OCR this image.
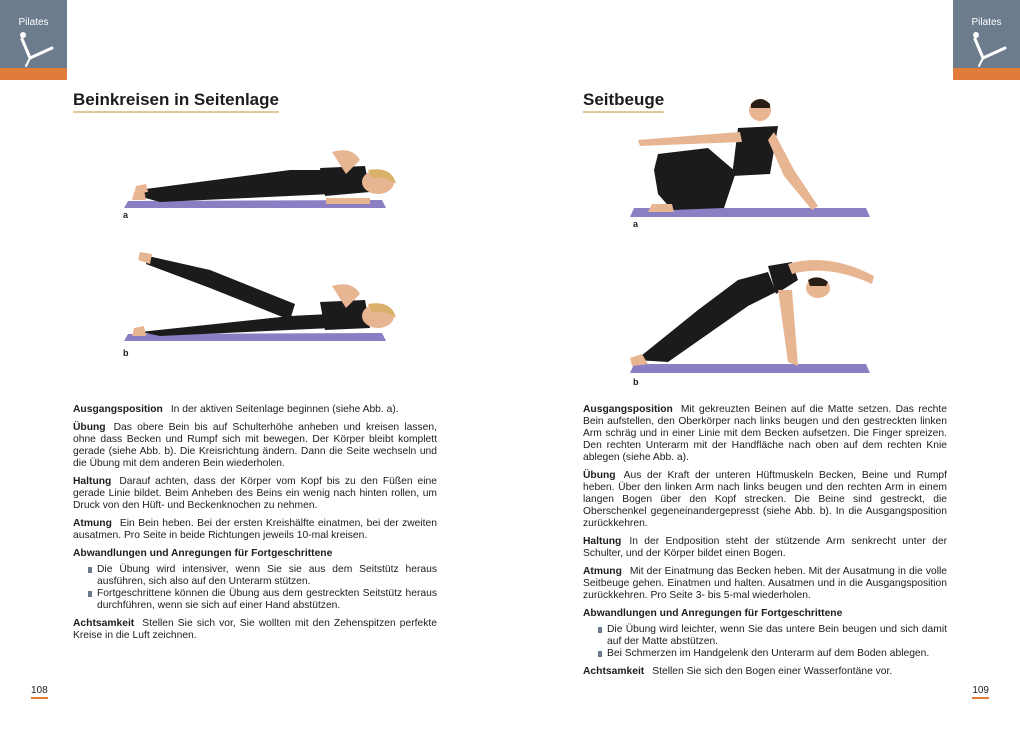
Pilates	Pilates
Beinkreisen in Seitenlage
a
b

Ausgangsposition In der aktiven Seitenlage beginnen (siehe Abb. a).

Übung Das obere Bein bis auf Schulterhöhe anheben und kreisen lassen, ohne dass Becken und Rumpf sich mit bewegen. Der Körper bleibt komplett gerade (siehe Abb. b). Die Kreisrichtung ändern. Dann die Seite wechseln und die Übung mit dem anderen Bein wiederholen.

Haltung Darauf achten, dass der Körper vom Kopf bis zu den Füßen eine gerade Linie bildet. Beim Anheben des Beins ein wenig nach hinten rollen, um Druck von den Hüft- und Beckenknochen zu nehmen.

Atmung Ein Bein heben. Bei der ersten Kreishälfte einatmen, bei der zweiten ausatmen. Pro Seite in beide Richtungen jeweils 10-mal kreisen.

Abwandlungen und Anregungen für Fortgeschrittene
Die Übung wird intensiver, wenn Sie sie aus dem Seitstütz heraus ausführen, sich also auf den Unterarm stützen.
Fortgeschrittene können die Übung aus dem gestreckten Seitstütz heraus durchführen, wenn sie sich auf einer Hand abstützen.

Achtsamkeit Stellen Sie sich vor, Sie wollten mit den Zehenspitzen perfekte Kreise in die Luft zeichnen.

108
Seitbeuge
a
b

Ausgangsposition Mit gekreuzten Beinen auf die Matte setzen. Das rechte Bein aufstellen, den Oberkörper nach links beugen und den gestreckten linken Arm schräg und in einer Linie mit dem Becken aufsetzen. Die Finger spreizen. Den rechten Unterarm mit der Handfläche nach oben auf dem rechten Knie ablegen (siehe Abb. a).

Übung Aus der Kraft der unteren Hüftmuskeln Becken, Beine und Rumpf heben. Über den linken Arm nach links beugen und den rechten Arm in einem langen Bogen über den Kopf strecken. Die Beine sind gestreckt, die Oberschenkel gegeneinandergepresst (siehe Abb. b). In die Ausgangsposition zurückkehren.

Haltung In der Endposition steht der stützende Arm senkrecht unter der Schulter, und der Körper bildet einen Bogen.

Atmung Mit der Einatmung das Becken heben. Mit der Ausatmung in die volle Seitbeuge gehen. Einatmen und halten. Ausatmen und in die Ausgangsposition zurückkehren. Pro Seite 3- bis 5-mal wiederholen.

Abwandlungen und Anregungen für Fortgeschrittene
Die Übung wird leichter, wenn Sie das untere Bein beugen und sich damit auf der Matte abstützen.
Bei Schmerzen im Handgelenk den Unterarm auf dem Boden ablegen.

Achtsamkeit Stellen Sie sich den Bogen einer Wasserfontäne vor.

109
